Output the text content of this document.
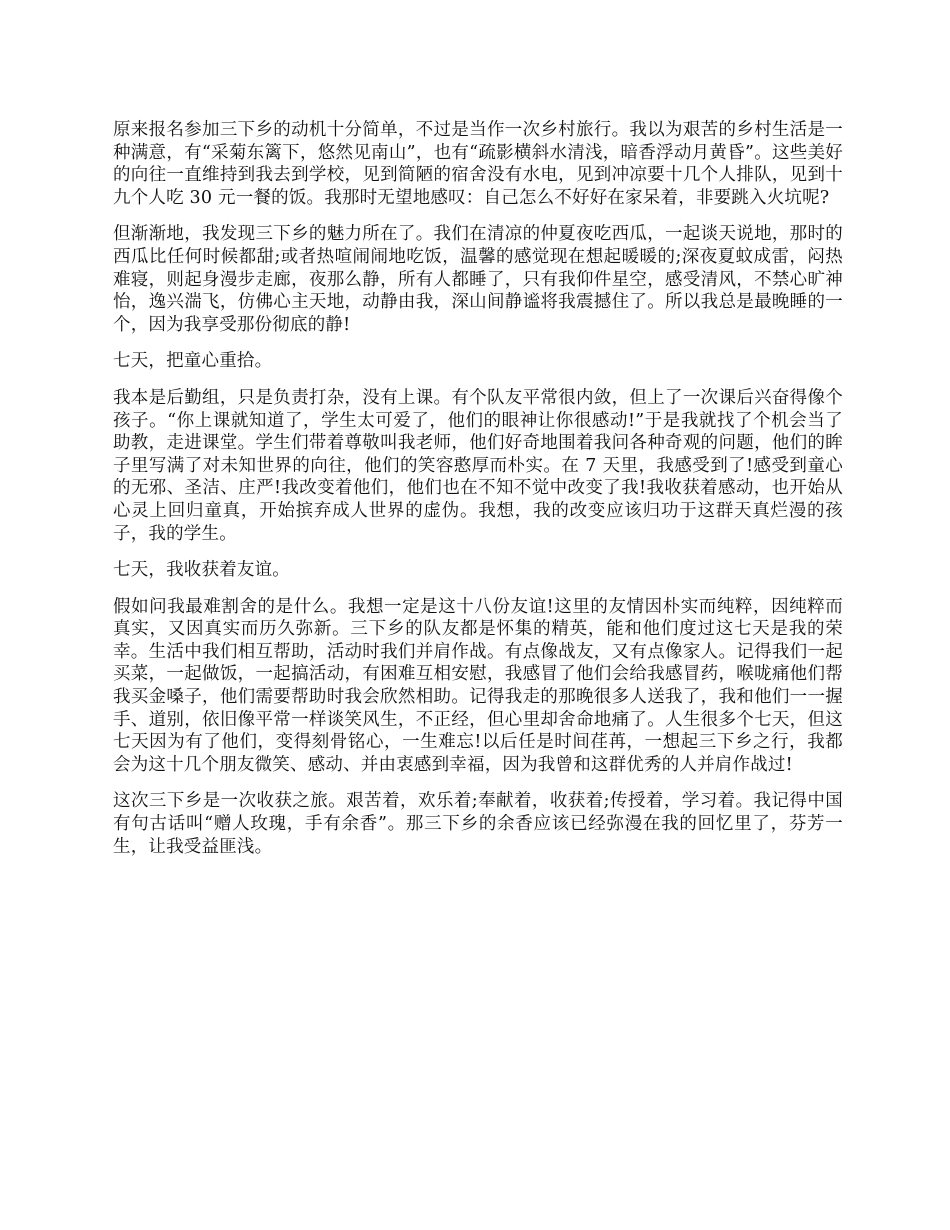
原来报名参加三下乡的动机十分简单，不过是当作一次乡村旅行。我以为艰苦的乡村生活是一种满意，有“采菊东篱下，悠然见南山”，也有“疏影横斜水清浅，暗香浮动月黄昏”。这些美好的向往一直维持到我去到学校，见到简陋的宿舍没有水电，见到冲凉要十几个人排队，见到十九个人吃 30 元一餐的饭。我那时无望地感叹：自己怎么不好好在家呆着，非要跳入火坑呢?

但渐渐地，我发现三下乡的魅力所在了。我们在清凉的仲夏夜吃西瓜，一起谈天说地，那时的西瓜比任何时候都甜;或者热喧闹闹地吃饭，温馨的感觉现在想起暖暖的;深夜夏蚊成雷，闷热难寝，则起身漫步走廊，夜那么静，所有人都睡了，只有我仰件星空，感受清风，不禁心旷神怡，逸兴湍飞，仿佛心主天地，动静由我，深山间静谧将我震撼住了。所以我总是最晚睡的一个，因为我享受那份彻底的静!

七天，把童心重拾。

我本是后勤组，只是负责打杂，没有上课。有个队友平常很内敛，但上了一次课后兴奋得像个孩子。“你上课就知道了，学生太可爱了，他们的眼神让你很感动!”于是我就找了个机会当了助教，走进课堂。学生们带着尊敬叫我老师，他们好奇地围着我问各种奇观的问题，他们的眸子里写满了对未知世界的向往，他们的笑容憨厚而朴实。在 7 天里，我感受到了!感受到童心的无邪、圣洁、庄严!我改变着他们，他们也在不知不觉中改变了我!我收获着感动，也开始从心灵上回归童真，开始摈弃成人世界的虚伪。我想，我的改变应该归功于这群天真烂漫的孩子，我的学生。

七天，我收获着友谊。

假如问我最难割舍的是什么。我想一定是这十八份友谊!这里的友情因朴实而纯粹，因纯粹而真实，又因真实而历久弥新。三下乡的队友都是怀集的精英，能和他们度过这七天是我的荣幸。生活中我们相互帮助，活动时我们并肩作战。有点像战友，又有点像家人。记得我们一起买菜，一起做饭，一起搞活动，有困难互相安慰，我感冒了他们会给我感冒药，喉咙痛他们帮我买金嗓子，他们需要帮助时我会欣然相助。记得我走的那晚很多人送我了，我和他们一一握手、道别，依旧像平常一样谈笑风生，不正经，但心里却舍命地痛了。人生很多个七天，但这七天因为有了他们，变得刻骨铭心，一生难忘!以后任是时间荏苒，一想起三下乡之行，我都会为这十几个朋友微笑、感动、并由衷感到幸福，因为我曾和这群优秀的人并肩作战过!

这次三下乡是一次收获之旅。艰苦着，欢乐着;奉献着，收获着;传授着，学习着。我记得中国有句古话叫“赠人玫瑰，手有余香”。那三下乡的余香应该已经弥漫在我的回忆里了，芬芳一生，让我受益匪浅。
